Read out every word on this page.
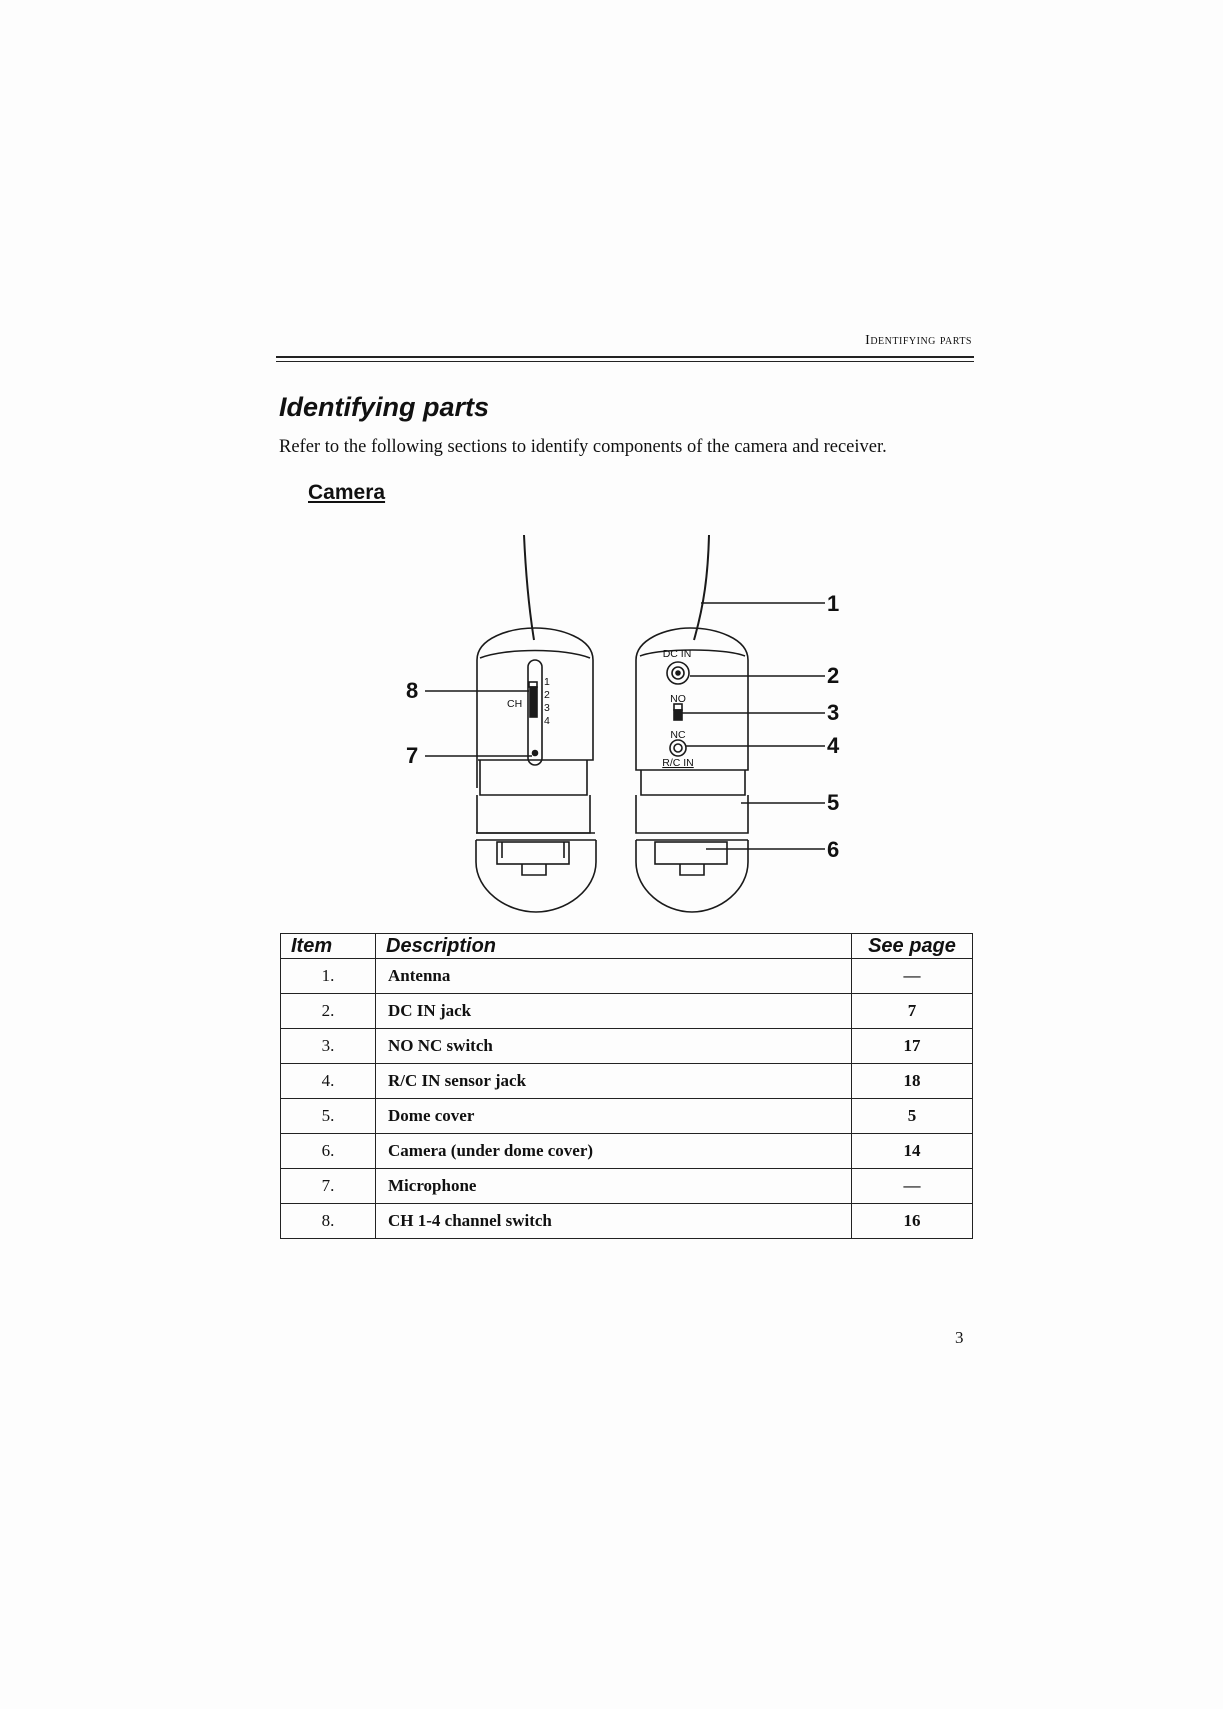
Identifying parts
Identifying parts
Refer to the following sections to identify components of the camera and receiver.
Camera
1
2
3
4
5
6
7
8
CH
1
2
3
4
DC IN
NO
NC
R/C IN
Item	Description	See page
1.	Antenna	—
2.	DC IN jack	7
3.	NO NC switch	17
4.	R/C IN sensor jack	18
5.	Dome cover	5
6.	Camera (under dome cover)	14
7.	Microphone	—
8.	CH 1-4 channel switch	16
3
